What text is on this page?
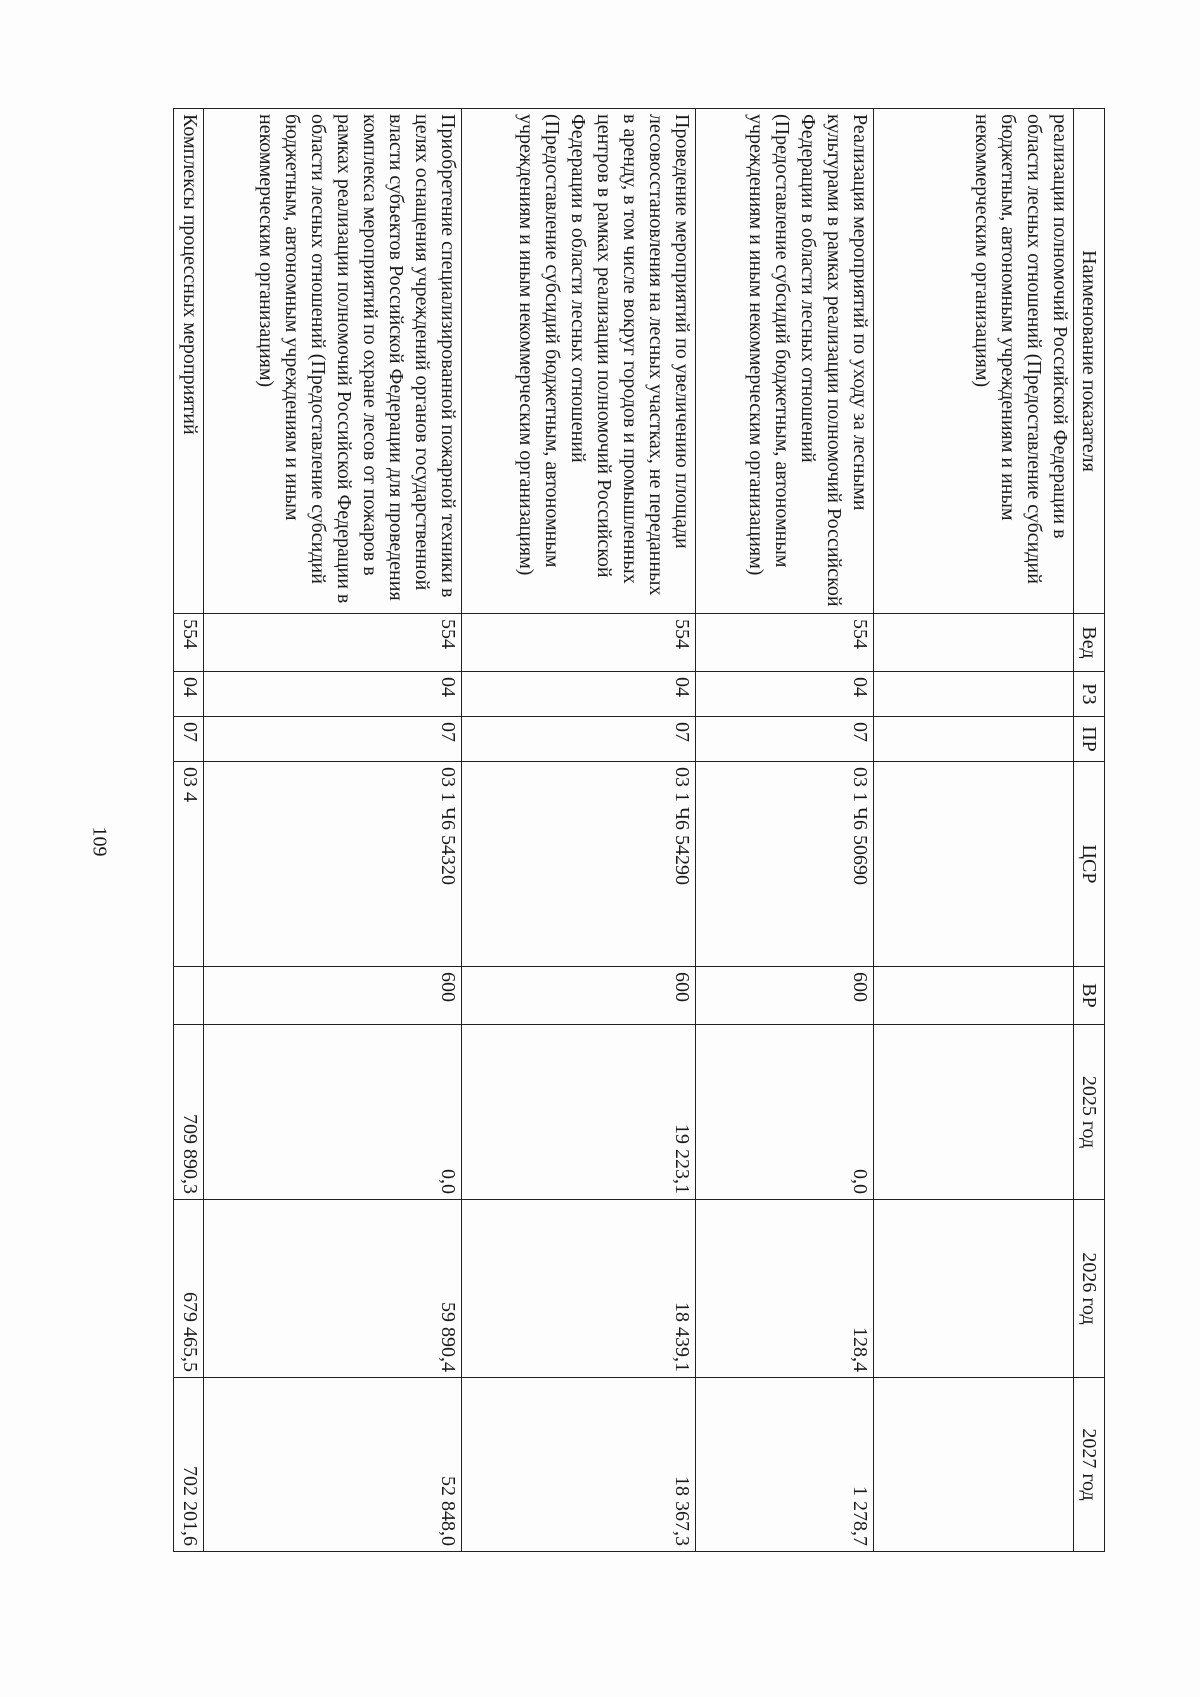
109
Наименование показателя	Вед	РЗ	ПР	ЦСР	ВР	2025 год	2026 год	2027 год
реализации полномочий Российской Федерации в области лесных отношений (Предоставление субсидий бюджетным, автономным учреждениям и иным некоммерческим организациям)								
Реализация мероприятий по уходу за лесными культурами в рамках реализации полномочий Российской Федерации в области лесных отношений (Предоставление субсидий бюджетным, автономным учреждениям и иным некоммерческим организациям)	554	04	07	03 1 Ч6 50690	600	0,0	128,4	1 278,7
Проведение мероприятий по увеличению площади лесовосстановления на лесных участках, не переданных в аренду, в том числе вокруг городов и промышленных центров в рамках реализации полномочий Российской Федерации в области лесных отношений (Предоставление субсидий бюджетным, автономным учреждениям и иным некоммерческим организациям)	554	04	07	03 1 Ч6 54290	600	19 223,1	18 439,1	18 367,3
Приобретение специализированной пожарной техники в целях оснащения учреждений органов государственной власти субъектов Российской Федерации для проведения комплекса мероприятий по охране лесов от пожаров в рамках реализации полномочий Российской Федерации в области лесных отношений (Предоставление субсидий бюджетным, автономным учреждениям и иным некоммерческим организациям)	554	04	07	03 1 Ч6 54320	600	0,0	59 890,4	52 848,0
Комплексы процессных мероприятий	554	04	07	03 4		709 890,3	679 465,5	702 201,6
